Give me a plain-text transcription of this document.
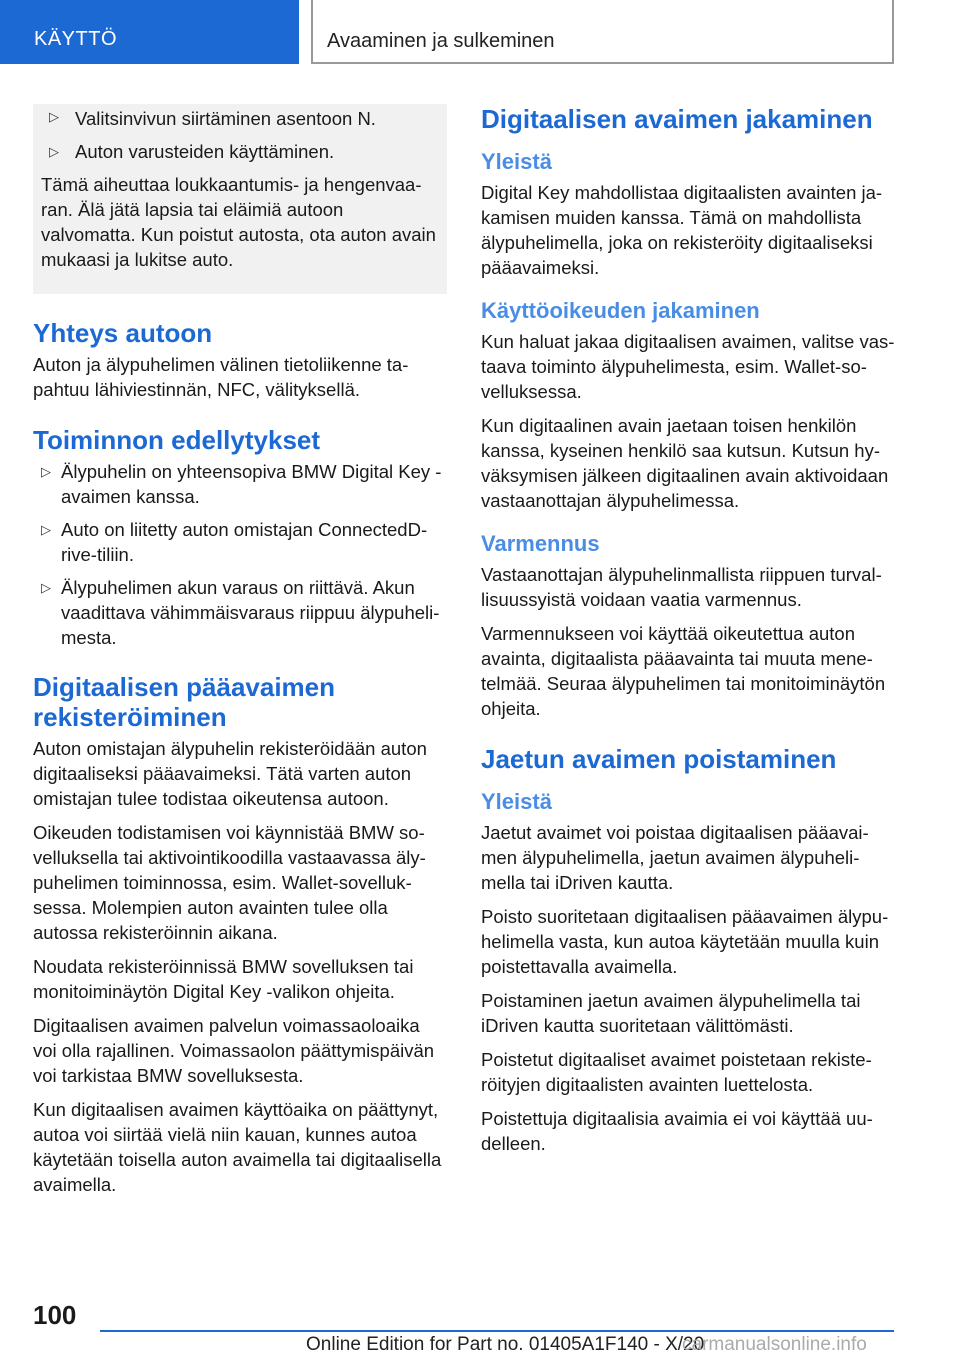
KÄYTTÖ	Avaaminen ja sulkeminen
▷ Valitsinvivun siirtäminen asentoon N.
▷ Auton varusteiden käyttäminen.

Tämä aiheuttaa loukkaantumis- ja hengenvaaran. Älä jätä lapsia tai eläimiä autoon valvomatta. Kun poistut autosta, ota auton avain mukaasi ja lukitse auto.

Yhteys autoon

Auton ja älypuhelimen välinen tietoliikenne tapahtuu lähiviestinnän, NFC, välityksellä.

Toiminnon edellytykset
▷ Älypuhelin on yhteensopiva BMW Digital Key -avaimen kanssa.
▷ Auto on liitetty auton omistajan ConnectedDrive-tiliin.
▷ Älypuhelimen akun varaus on riittävä. Akun vaadittava vähimmäisvaraus riippuu älypuhelimesta.
Digitaalisen pääavaimen rekisteröiminen

Auton omistajan älypuhelin rekisteröidään auton digitaaliseksi pääavaimeksi. Tätä varten auton omistajan tulee todistaa oikeutensa autoon.

Oikeuden todistamisen voi käynnistää BMW sovelluksella tai aktivointikoodilla vastaavassa älypuhelimen toiminnossa, esim. Wallet-sovelluksessa. Molempien auton avainten tulee olla autossa rekisteröinnin aikana.

Noudata rekisteröinnissä BMW sovelluksen tai monitoiminäytön Digital Key -valikon ohjeita.

Digitaalisen avaimen palvelun voimassaoloaika voi olla rajallinen. Voimassaolon päättymispäivän voi tarkistaa BMW sovelluksesta.

Kun digitaalisen avaimen käyttöaika on päättynyt, autoa voi siirtää vielä niin kauan, kunnes autoa käytetään toisella auton avaimella tai digitaalisella avaimella.

Digitaalisen avaimen jakaminen
Yleistä

Digital Key mahdollistaa digitaalisten avainten jakamisen muiden kanssa. Tämä on mahdollista älypuhelimella, joka on rekisteröity digitaaliseksi pääavaimeksi.

Käyttöoikeuden jakaminen

Kun haluat jakaa digitaalisen avaimen, valitse vastaava toiminto älypuhelimesta, esim. Wallet-sovelluksessa.

Kun digitaalinen avain jaetaan toisen henkilön kanssa, kyseinen henkilö saa kutsun. Kutsun hyväksymisen jälkeen digitaalinen avain aktivoidaan vastaanottajan älypuhelimessa.

Varmennus

Vastaanottajan älypuhelinmallista riippuen turvallisuussyistä voidaan vaatia varmennus.

Varmennukseen voi käyttää oikeutettua auton avainta, digitaalista pääavainta tai muuta menetelmää. Seuraa älypuhelimen tai monitoiminäytön ohjeita.

Jaetun avaimen poistaminen
Yleistä

Jaetut avaimet voi poistaa digitaalisen pääavaimen älypuhelimella, jaetun avaimen älypuhelimella tai iDriven kautta.

Poisto suoritetaan digitaalisen pääavaimen älypuhelimella vasta, kun autoa käytetään muulla kuin poistettavalla avaimella.

Poistaminen jaetun avaimen älypuhelimella tai iDriven kautta suoritetaan välittömästi.

Poistetut digitaaliset avaimet poistetaan rekisteröityjen digitaalisten avainten luettelosta.

Poistettuja digitaalisia avaimia ei voi käyttää uudelleen.

100
Online Edition for Part no. 01405A1F140 - X/20
carmanualsonline.info
